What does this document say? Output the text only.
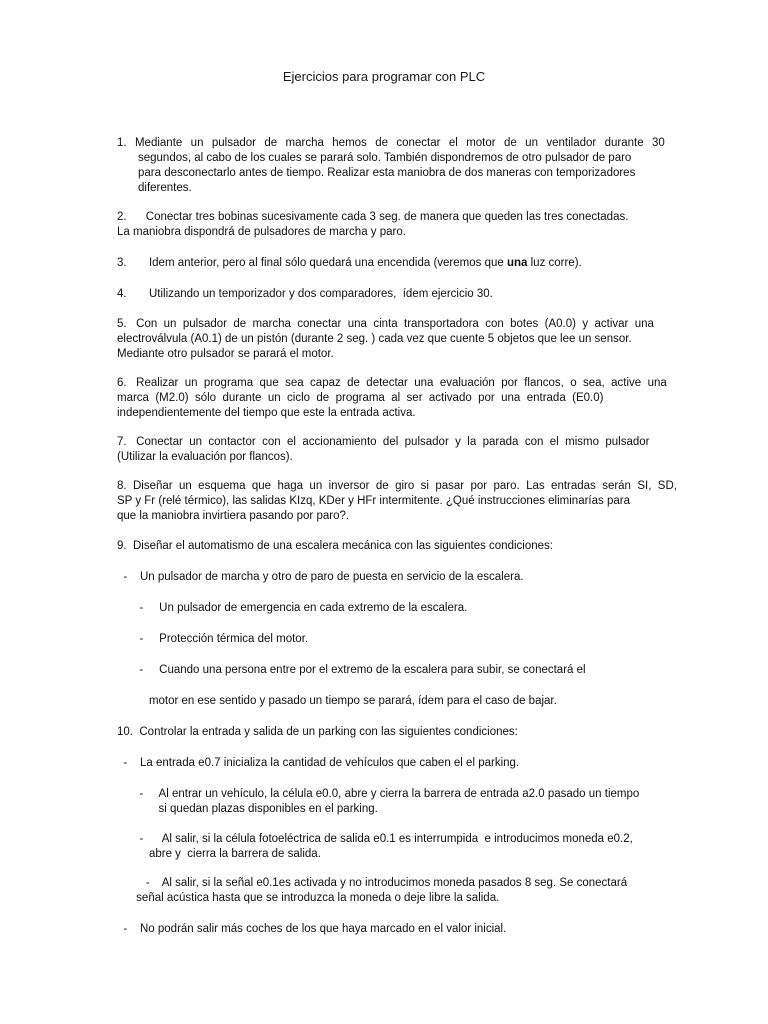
Ejercicios para programar con PLC
1.  Mediante  un  pulsador  de  marcha  hemos  de  conectar  el  motor  de  un  ventilador  durante  30
segundos, al cabo de los cuales se parará solo. También dispondremos de otro pulsador de paro
para desconectarlo antes de tiempo. Realizar esta maniobra de dos maneras con temporizadores
diferentes.
2.      Conectar tres bobinas sucesivamente cada 3 seg. de manera que queden las tres conectadas.
La maniobra dispondrá de pulsadores de marcha y paro.
3.       Idem anterior, pero al final sólo quedará una encendida (veremos que una luz corre).
4.       Utilizando un temporizador y dos comparadores,  ídem ejercicio 30.
5.   Con  un  pulsador  de  marcha  conectar  una  cinta  transportadora  con  botes  (A0.0)  y  activar  una
electroválvula (A0.1) de un pistón (durante 2 seg. ) cada vez que cuente 5 objetos que lee un sensor.
Mediante otro pulsador se parará el motor.
6.   Realizar  un  programa  que  sea  capaz  de  detectar  una  evaluación  por  flancos,  o  sea,  active  una
marca  (M2.0)  sólo  durante  un  ciclo  de  programa  al  ser  activado  por  una  entrada  (E0.0)
independientemente del tiempo que este la entrada activa.
7.   Conectar  un  contactor  con  el  accionamiento  del  pulsador  y  la  parada  con  el  mismo  pulsador
(Utilizar la evaluación por flancos).
8.  Diseñar  un  esquema  que  haga  un  inversor  de  giro  si  pasar  por  paro.  Las  entradas  serán  SI,  SD,
SP y Fr (relé térmico), las salidas KIzq, KDer y HFr intermitente. ¿Qué instrucciones eliminarías para
que la maniobra invirtiera pasando por paro?.
9.  Diseñar el automatismo de una escalera mecánica con las siguientes condiciones:
-    Un pulsador de marcha y otro de paro de puesta en servicio de la escalera.
-     Un pulsador de emergencia en cada extremo de la escalera.
-     Protección térmica del motor.
-     Cuando una persona entre por el extremo de la escalera para subir, se conectará el
motor en ese sentido y pasado un tiempo se parará, ídem para el caso de bajar.
10.  Controlar la entrada y salida de un parking con las siguientes condiciones:
-    La entrada e0.7 inicializa la cantidad de vehículos que caben el el parking.
-     Al entrar un vehículo, la célula e0.0, abre y cierra la barrera de entrada a2.0 pasado un tiempo
si quedan plazas disponibles en el parking.
-      Al salir, si la célula fotoeléctrica de salida e0.1 es interrumpida  e introducimos moneda e0.2,
abre y  cierra la barrera de salida.
-    Al salir, si la señal e0.1es activada y no introducimos moneda pasados 8 seg. Se conectará
señal acústica hasta que se introduzca la moneda o deje libre la salida.
-    No podrán salir más coches de los que haya marcado en el valor inicial.
